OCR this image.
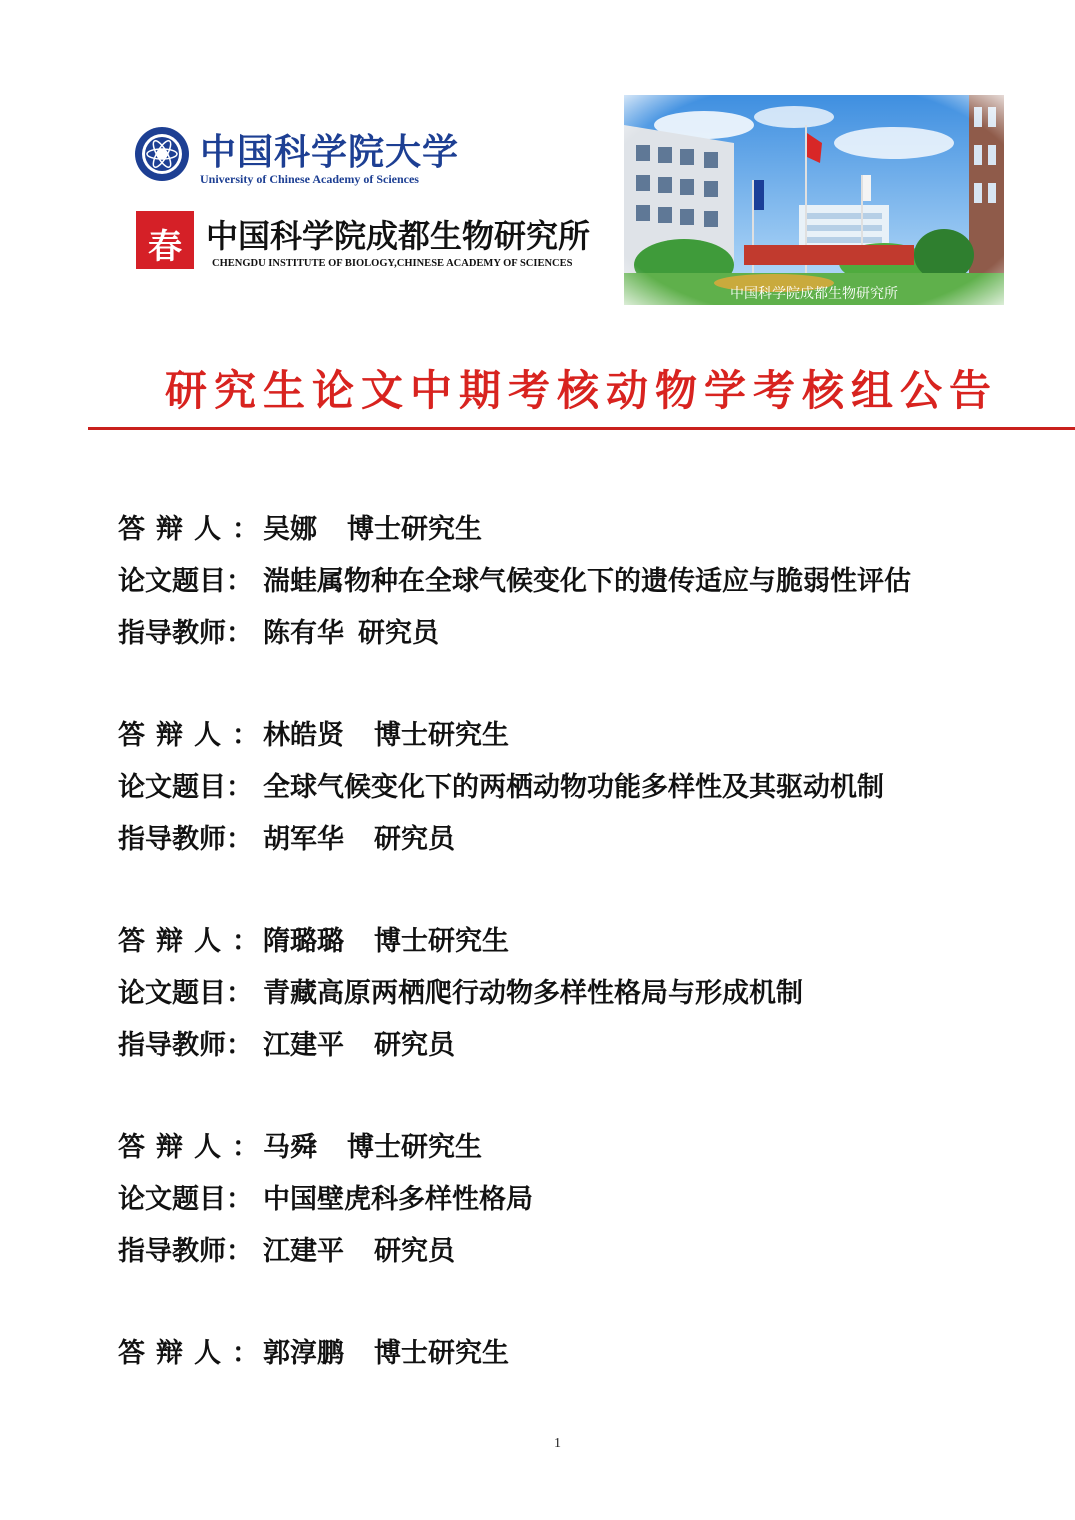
中国科学院大学
University of Chinese Academy of Sciences
春 中国科学院成都生物研究所
CHENGDU INSTITUTE OF BIOLOGY,CHINESE ACADEMY OF SCIENCES
研究生论文中期考核动物学考核组公告
答辩人：吴娜 博士研究生
论文题目： 湍蛙属物种在全球气候变化下的遗传适应与脆弱性评估
指导教师： 陈有华 研究员
答辩人：林皓贤 博士研究生
论文题目： 全球气候变化下的两栖动物功能多样性及其驱动机制
指导教师： 胡军华 研究员
答辩人：隋璐璐 博士研究生
论文题目： 青藏高原两栖爬行动物多样性格局与形成机制
指导教师： 江建平 研究员
答辩人：马舜 博士研究生
论文题目： 中国壁虎科多样性格局
指导教师： 江建平 研究员
答辩人：郭淳鹏 博士研究生
1
